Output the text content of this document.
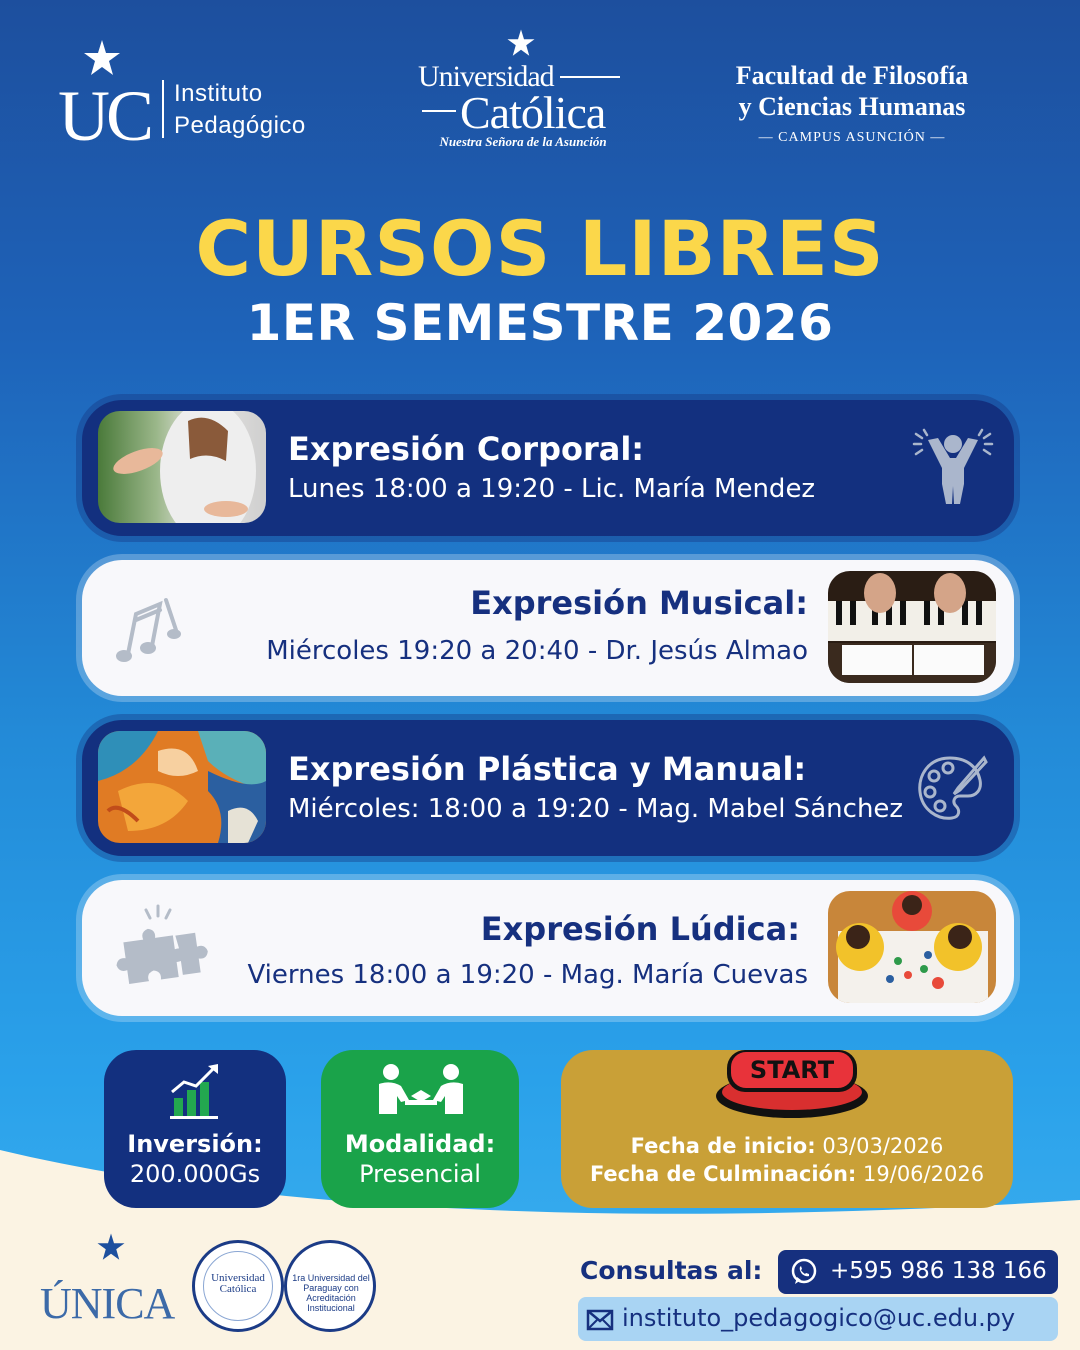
UC Instituto
Pedagógico
Universidad
Católica
Nuestra Señora de la Asunción
Facultad de Filosofía
y Ciencias Humanas
— CAMPUS ASUNCIÓN —
CURSOS LIBRES
1ER SEMESTRE 2026
Expresión Corporal:
Lunes 18:00 a 19:20 - Lic. María Mendez
Expresión Musical:
Miércoles 19:20 a 20:40 - Dr. Jesús Almao
Expresión Plástica y Manual:
Miércoles: 18:00 a 19:20 - Mag. Mabel Sánchez
Expresión Lúdica:
Viernes 18:00 a 19:20 - Mag. María Cuevas
Inversión:
200.000Gs
Modalidad:
Presencial
START
Fecha de inicio: 03/03/2026
Fecha de Culminación: 19/06/2026
ÚNICA
Universidad Católica
1ra Universidad del Paraguay con Acreditación Institucional
Consultas al:	+595 986 138 166
instituto_pedagogico@uc.edu.py
